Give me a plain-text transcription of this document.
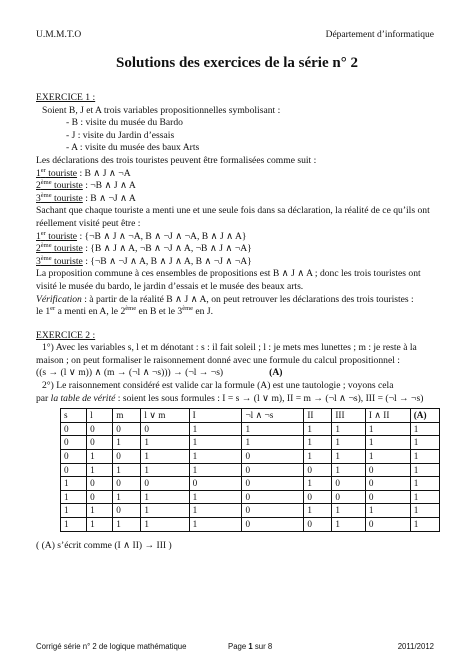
U.M.M.T.O	Département d’informatique
Solutions des exercices de la série n° 2
EXERCICE 1 :
Soient B, J et A trois variables propositionnelles symbolisant :
- B : visite du musée du Bardo
- J : visite du Jardin d’essais
- A : visite du musée des baux Arts
Les déclarations des trois touristes peuvent être formalisées comme suit :
1er touriste : B ∧ J ∧ ¬A
2ème touriste : ¬B ∧ J ∧ A
3ème touriste : B ∧ ¬J ∧ A
Sachant que chaque touriste a menti une et une seule fois dans sa déclaration, la réalité de ce qu’ils ont
réellement visité peut être :
1er touriste : {¬B ∧ J ∧ ¬A, B ∧ ¬J ∧ ¬A, B ∧ J ∧ A}
2ème touriste : {B ∧ J ∧ A, ¬B ∧ ¬J ∧ A, ¬B ∧ J ∧ ¬A}
3ème touriste : {¬B ∧ ¬J ∧ A, B ∧ J ∧ A, B ∧ ¬J ∧ ¬A}
La proposition commune à ces ensembles de propositions est B ∧ J ∧ A ; donc les trois touristes ont
visité le musée du bardo, le jardin d’essais et le musée des beaux arts.
Vérification : à partir de la réalité B ∧ J ∧ A, on peut retrouver les déclarations des trois touristes :
le 1er a menti en A, le 2ème en B et le 3ème en J.
EXERCICE 2 :
1°) Avec les variables s, l et m dénotant : s : il fait soleil ; l : je mets mes lunettes ; m : je reste à la
maison ; on peut formaliser le raisonnement donné avec une formule du calcul propositionnel :
((s → (l ∨ m)) ∧ (m → (¬l ∧ ¬s))) → (¬l → ¬s)	(A)
2°) Le raisonnement considéré est valide car la formule (A) est une tautologie ; voyons cela
par la table de vérité : soient les sous formules : I = s → (l ∨ m), II = m → (¬l ∧ ¬s), III = (¬l → ¬s)
s	l	m	l ∨ m	I	¬l ∧ ¬s	II	III	I ∧ II	(A)
0	0	0	0	1	1	1	1	1	1
0	0	1	1	1	1	1	1	1	1
0	1	0	1	1	0	1	1	1	1
0	1	1	1	1	0	0	1	0	1
1	0	0	0	0	0	1	0	0	1
1	0	1	1	1	0	0	0	0	1
1	1	0	1	1	0	1	1	1	1
1	1	1	1	1	0	0	1	0	1
( (A) s’écrit comme (I ∧ II) → III )
Corrigé série n° 2 de logique mathématique	Page 1 sur 8	2011/2012
